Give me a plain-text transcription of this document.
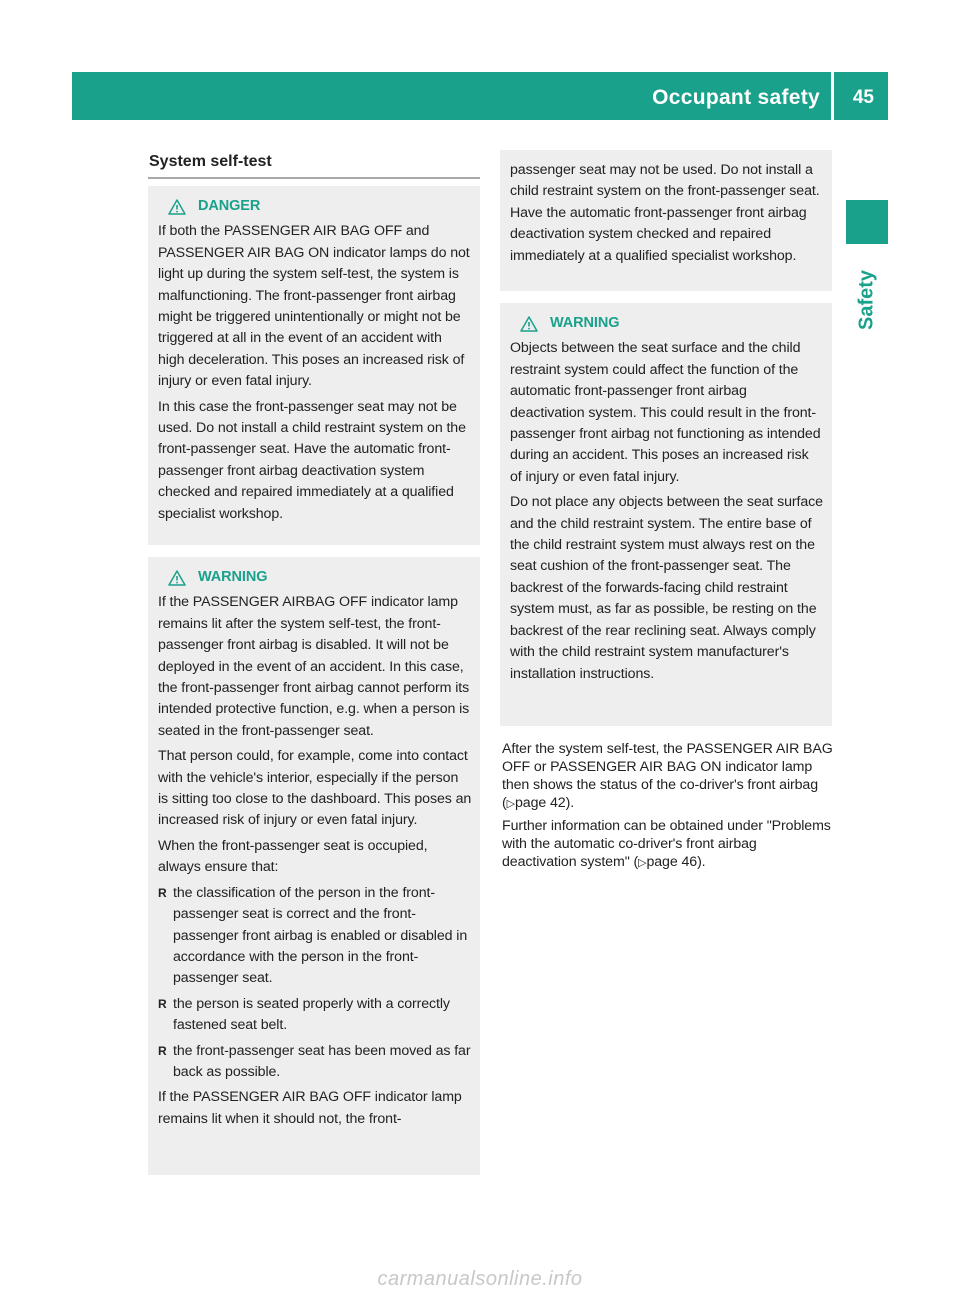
Occupant safety 45
Safety
System self-test
DANGER

If both the PASSENGER AIR BAG OFF and PASSENGER AIR BAG ON indicator lamps do not light up during the system self-test, the system is malfunctioning. The front-passenger front airbag might be triggered unintentionally or might not be triggered at all in the event of an accident with high deceleration. This poses an increased risk of injury or even fatal injury.

In this case the front-passenger seat may not be used. Do not install a child restraint system on the front-passenger seat. Have the automatic front-passenger front airbag deactivation system checked and repaired immediately at a qualified specialist workshop.

WARNING

If the PASSENGER AIRBAG OFF indicator lamp remains lit after the system self-test, the front-passenger front airbag is disabled. It will not be deployed in the event of an accident. In this case, the front-passenger front airbag cannot perform its intended protective function, e.g. when a person is seated in the front-passenger seat.

That person could, for example, come into contact with the vehicle's interior, especially if the person is sitting too close to the dashboard. This poses an increased risk of injury or even fatal injury.

When the front-passenger seat is occupied, always ensure that:

R the classification of the person in the front-passenger seat is correct and the front-passenger front airbag is enabled or disabled in accordance with the person in the front-passenger seat.
R the person is seated properly with a correctly fastened seat belt.
R the front-passenger seat has been moved as far back as possible.

If the PASSENGER AIR BAG OFF indicator lamp remains lit when it should not, the front-

passenger seat may not be used. Do not install a child restraint system on the front-passenger seat. Have the automatic front-passenger front airbag deactivation system checked and repaired immediately at a qualified specialist workshop.

WARNING

Objects between the seat surface and the child restraint system could affect the function of the automatic front-passenger front airbag deactivation system. This could result in the front-passenger front airbag not functioning as intended during an accident. This poses an increased risk of injury or even fatal injury.

Do not place any objects between the seat surface and the child restraint system. The entire base of the child restraint system must always rest on the seat cushion of the front-passenger seat. The backrest of the forwards-facing child restraint system must, as far as possible, be resting on the backrest of the rear reclining seat. Always comply with the child restraint system manufacturer's installation instructions.

After the system self-test, the PASSENGER AIR BAG OFF or PASSENGER AIR BAG ON indicator lamp then shows the status of the co-driver's front airbag (▷page 42).

Further information can be obtained under "Problems with the automatic co-driver's front airbag deactivation system" (▷page 46).

carmanualsonline.info
